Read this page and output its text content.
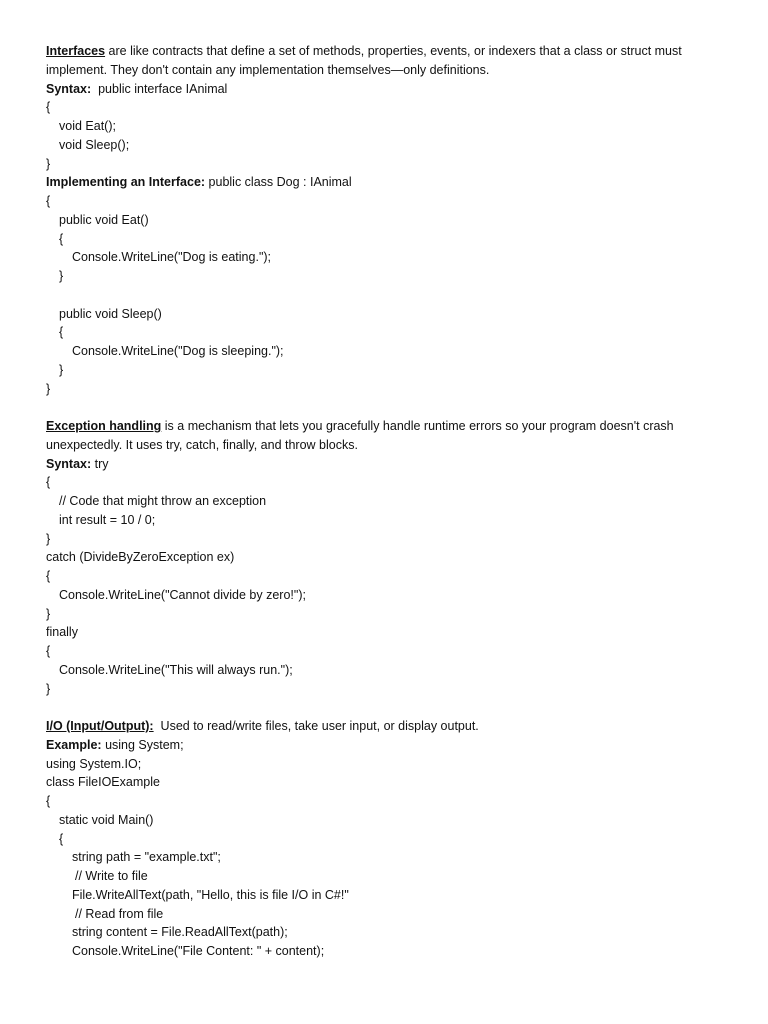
Interfaces are like contracts that define a set of methods, properties, events, or indexers that a class or struct must implement. They don't contain any implementation themselves—only definitions.
Syntax:  public interface IAnimal
{
void Eat();
void Sleep();
}
Implementing an Interface: public class Dog : IAnimal
{
public void Eat()
{
Console.WriteLine("Dog is eating.");
}
public void Sleep()
{
Console.WriteLine("Dog is sleeping.");
}
}
Exception handling is a mechanism that lets you gracefully handle runtime errors so your program doesn't crash unexpectedly. It uses try, catch, finally, and throw blocks.
Syntax: try
{
// Code that might throw an exception
int result = 10 / 0;
}
catch (DivideByZeroException ex)
{
Console.WriteLine("Cannot divide by zero!");
}
finally
{
Console.WriteLine("This will always run.");
}
I/O (Input/Output):  Used to read/write files, take user input, or display output.
Example: using System;
using System.IO;
class FileIOExample
{
static void Main()
{
string path = "example.txt";
// Write to file
File.WriteAllText(path, "Hello, this is file I/O in C#!"
// Read from file
string content = File.ReadAllText(path);
Console.WriteLine("File Content: " + content);
